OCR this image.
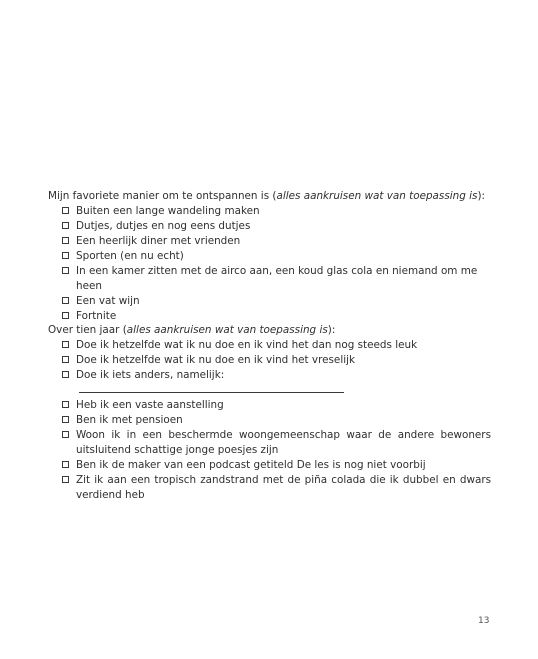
Mijn favoriete manier om te ontspannen is (alles aankruisen wat van toepassing is):
Buiten een lange wandeling maken
Dutjes, dutjes en nog eens dutjes
Een heerlijk diner met vrienden
Sporten (en nu echt)
In een kamer zitten met de airco aan, een koud glas cola en niemand om me heen
Een vat wijn
Fortnite
Over tien jaar (alles aankruisen wat van toepassing is):
Doe ik hetzelfde wat ik nu doe en ik vind het dan nog steeds leuk
Doe ik hetzelfde wat ik nu doe en ik vind het vreselijk
Doe ik iets anders, namelijk:
Heb ik een vaste aanstelling
Ben ik met pensioen
Woon ik in een beschermde woongemeenschap waar de andere bewoners uitsluitend schattige jonge poesjes zijn
Ben ik de maker van een podcast getiteld De les is nog niet voorbij
Zit ik aan een tropisch zandstrand met de piña colada die ik dubbel en dwars verdiend heb
13
